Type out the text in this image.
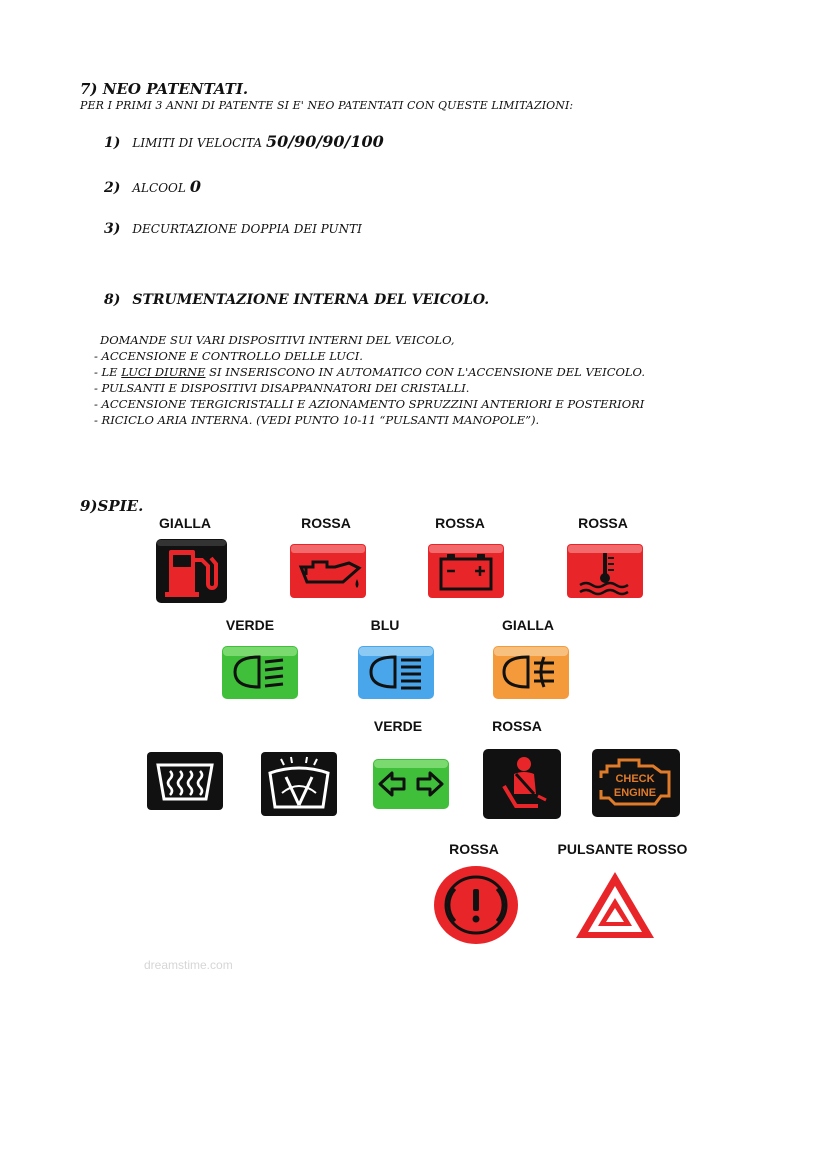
7) NEO PATENTATI.
PER I PRIMI 3 ANNI DI PATENTE SI E' NEO PATENTATI CON QUESTE LIMITAZIONI:
1) LIMITI DI VELOCITA 50/90/90/100
2) ALCOOL 0
3) DECURTAZIONE DOPPIA DEI PUNTI
8) STRUMENTAZIONE INTERNA DEL VEICOLO.
DOMANDE SUI VARI DISPOSITIVI INTERNI DEL VEICOLO,
- ACCENSIONE E CONTROLLO DELLE LUCI.
- LE LUCI DIURNE SI INSERISCONO IN AUTOMATICO CON L'ACCENSIONE DEL VEICOLO.
- PULSANTI E DISPOSITIVI DISAPPANNATORI DEI CRISTALLI.
- ACCENSIONE TERGICRISTALLI E AZIONAMENTO SPRUZZINI ANTERIORI E POSTERIORI
- RICICLO ARIA INTERNA. (VEDI PUNTO 10-11 “PULSANTI MANOPOLE”).
9)SPIE.
GIALLA	ROSSA	ROSSA	ROSSA
VERDE	BLU	GIALLA
VERDE	ROSSA
CHECK
ENGINE
ROSSA	PULSANTE ROSSO
dreamstime.com
